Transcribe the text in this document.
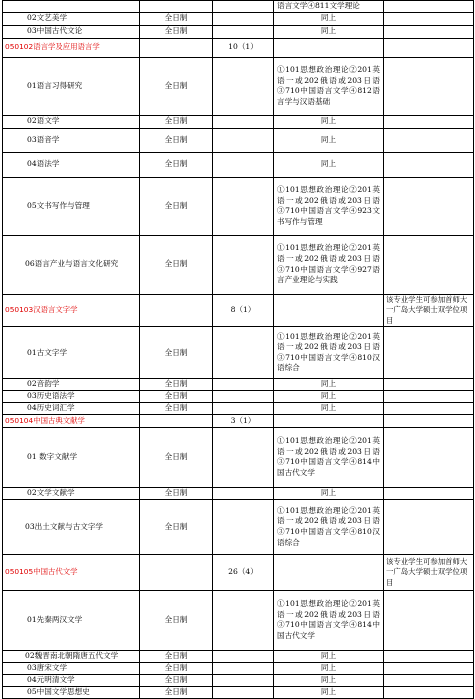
			语言文学④811文学理论	
02文艺美学	全日制		同上	
03中国古代文论	全日制		同上	
050102语言学及应用语言学		10（1）		
01语言习得研究	全日制		①101思想政治理论②201英语一或202俄语或203日语③710中国语言文学④812语言学与汉语基础	
02语文学	全日制		同上	
03语音学	全日制		同上	
04语法学	全日制		同上	
05文书写作与管理	全日制		①101思想政治理论②201英语一或202俄语或203日语③710中国语言文学④923文书写作与管理	
06语言产业与语言文化研究	全日制		①101思想政治理论②201英语一或202俄语或203日语③710中国语言文学④927语言产业理论与实践	
050103汉语言文字学		8（1）		该专业学生可参加首师大一广岛大学硕士双学位项目
01古文字学	全日制		①101思想政治理论②201英语一或202俄语或203日语③710中国语言文学④810汉语综合	
02音韵学	全日制		同上	
03历史语法学	全日制		同上	
04历史词汇学	全日制		同上	
050104中国古典文献学		3（1）		
01 数字文献学	全日制		①101思想政治理论②201英语一或202俄语或203日语③710中国语言文学④814中国古代文学	
02文学文献学	全日制		同上	
03出土文献与古文字学	全日制		①101思想政治理论②201英语一或202俄语或203日语③710中国语言文学④810汉语综合	
050105中国古代文学		26（4）		该专业学生可参加首师大一广岛大学硕士双学位项目
01先秦两汉文学	全日制		①101思想政治理论②201英语一或202俄语或203日语③710中国语言文学④814中国古代文学	
02魏晋南北朝隋唐五代文学	全日制		同上	
03唐宋文学	全日制		同上	
04元明清文学	全日制		同上	
05中国文学思想史	全日制		同上	
